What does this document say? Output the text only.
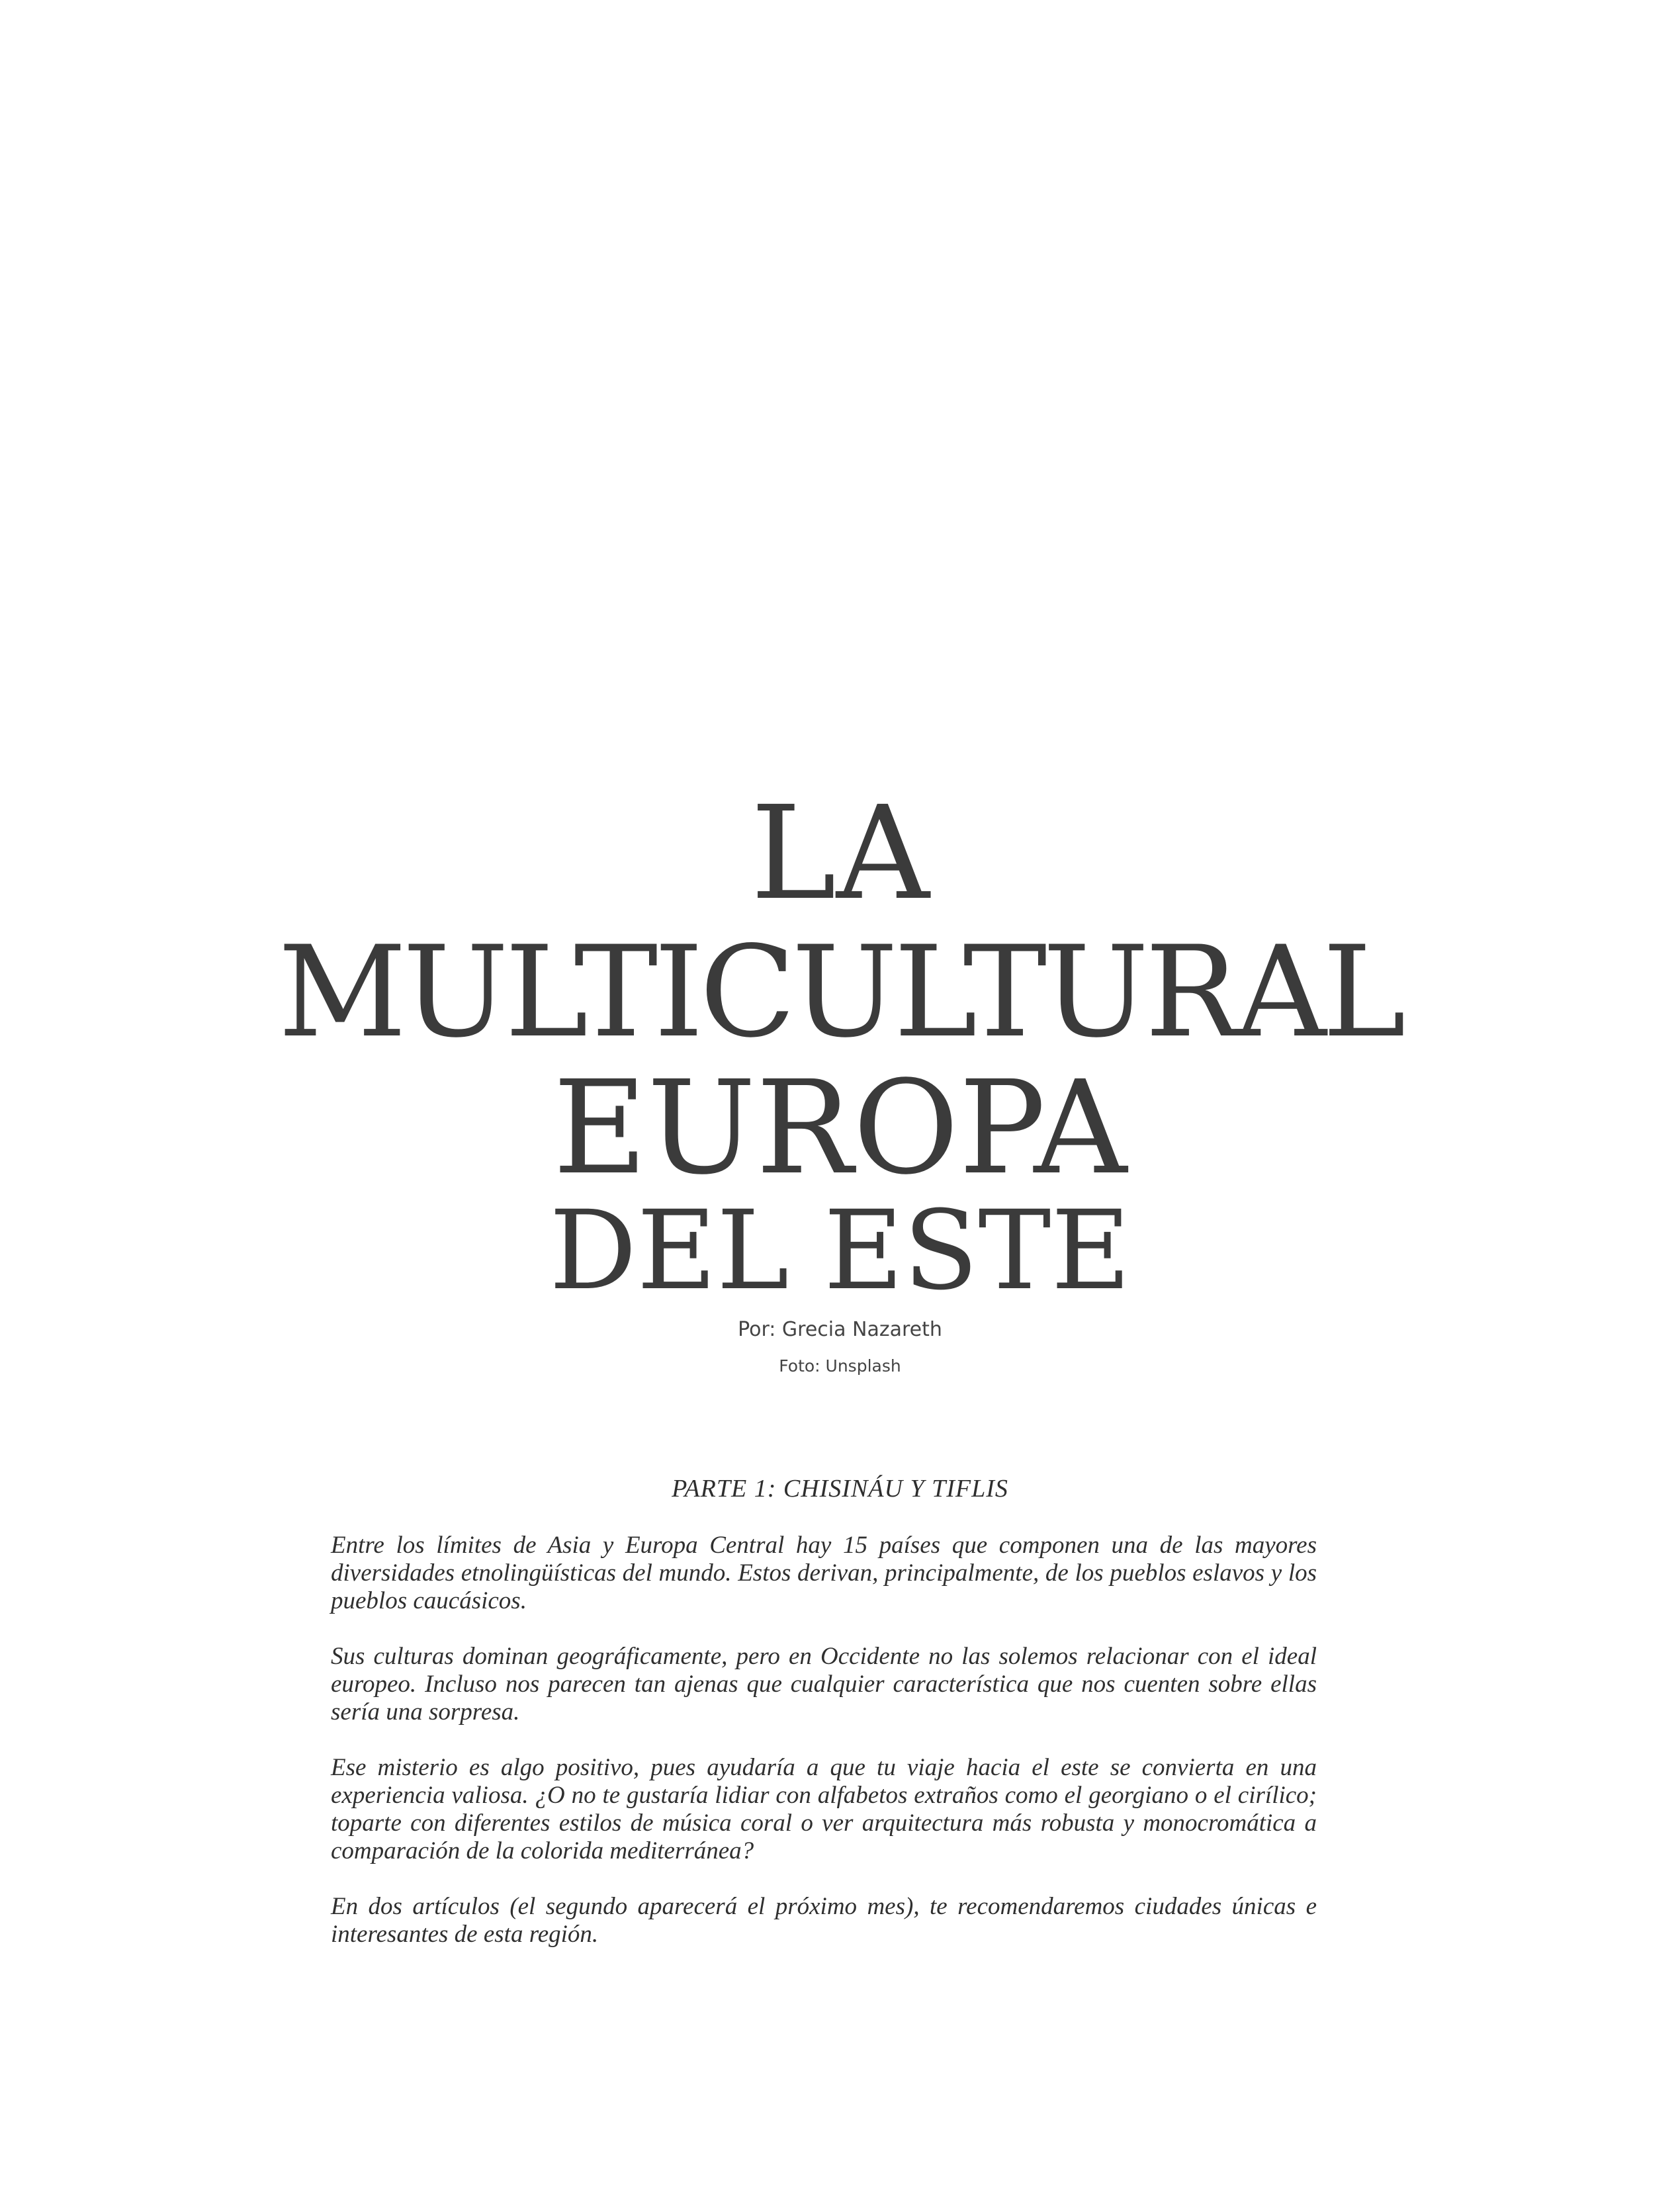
LA
MULTICULTURAL
EUROPA
DEL ESTE
Por: Grecia Nazareth
Foto: Unsplash
PARTE 1: CHISINÁU Y TIFLIS

Entre los límites de Asia y Europa Central hay 15 países que componen una de las mayores diversidades etnolingüísticas del mundo. Estos derivan, principalmente, de los pueblos eslavos y los pueblos caucásicos.

Sus culturas dominan geográficamente, pero en Occidente no las solemos relacionar con el ideal europeo. Incluso nos parecen tan ajenas que cualquier característica que nos cuenten sobre ellas sería una sorpresa.

Ese misterio es algo positivo, pues ayudaría a que tu viaje hacia el este se convierta en una experiencia valiosa. ¿O no te gustaría lidiar con alfabetos extraños como el georgiano o el cirílico; toparte con diferentes estilos de música coral o ver arquitectura más robusta y monocromática a comparación de la colorida mediterránea?

En dos artículos (el segundo aparecerá el próximo mes), te recomendaremos ciudades únicas e interesantes de esta región.
